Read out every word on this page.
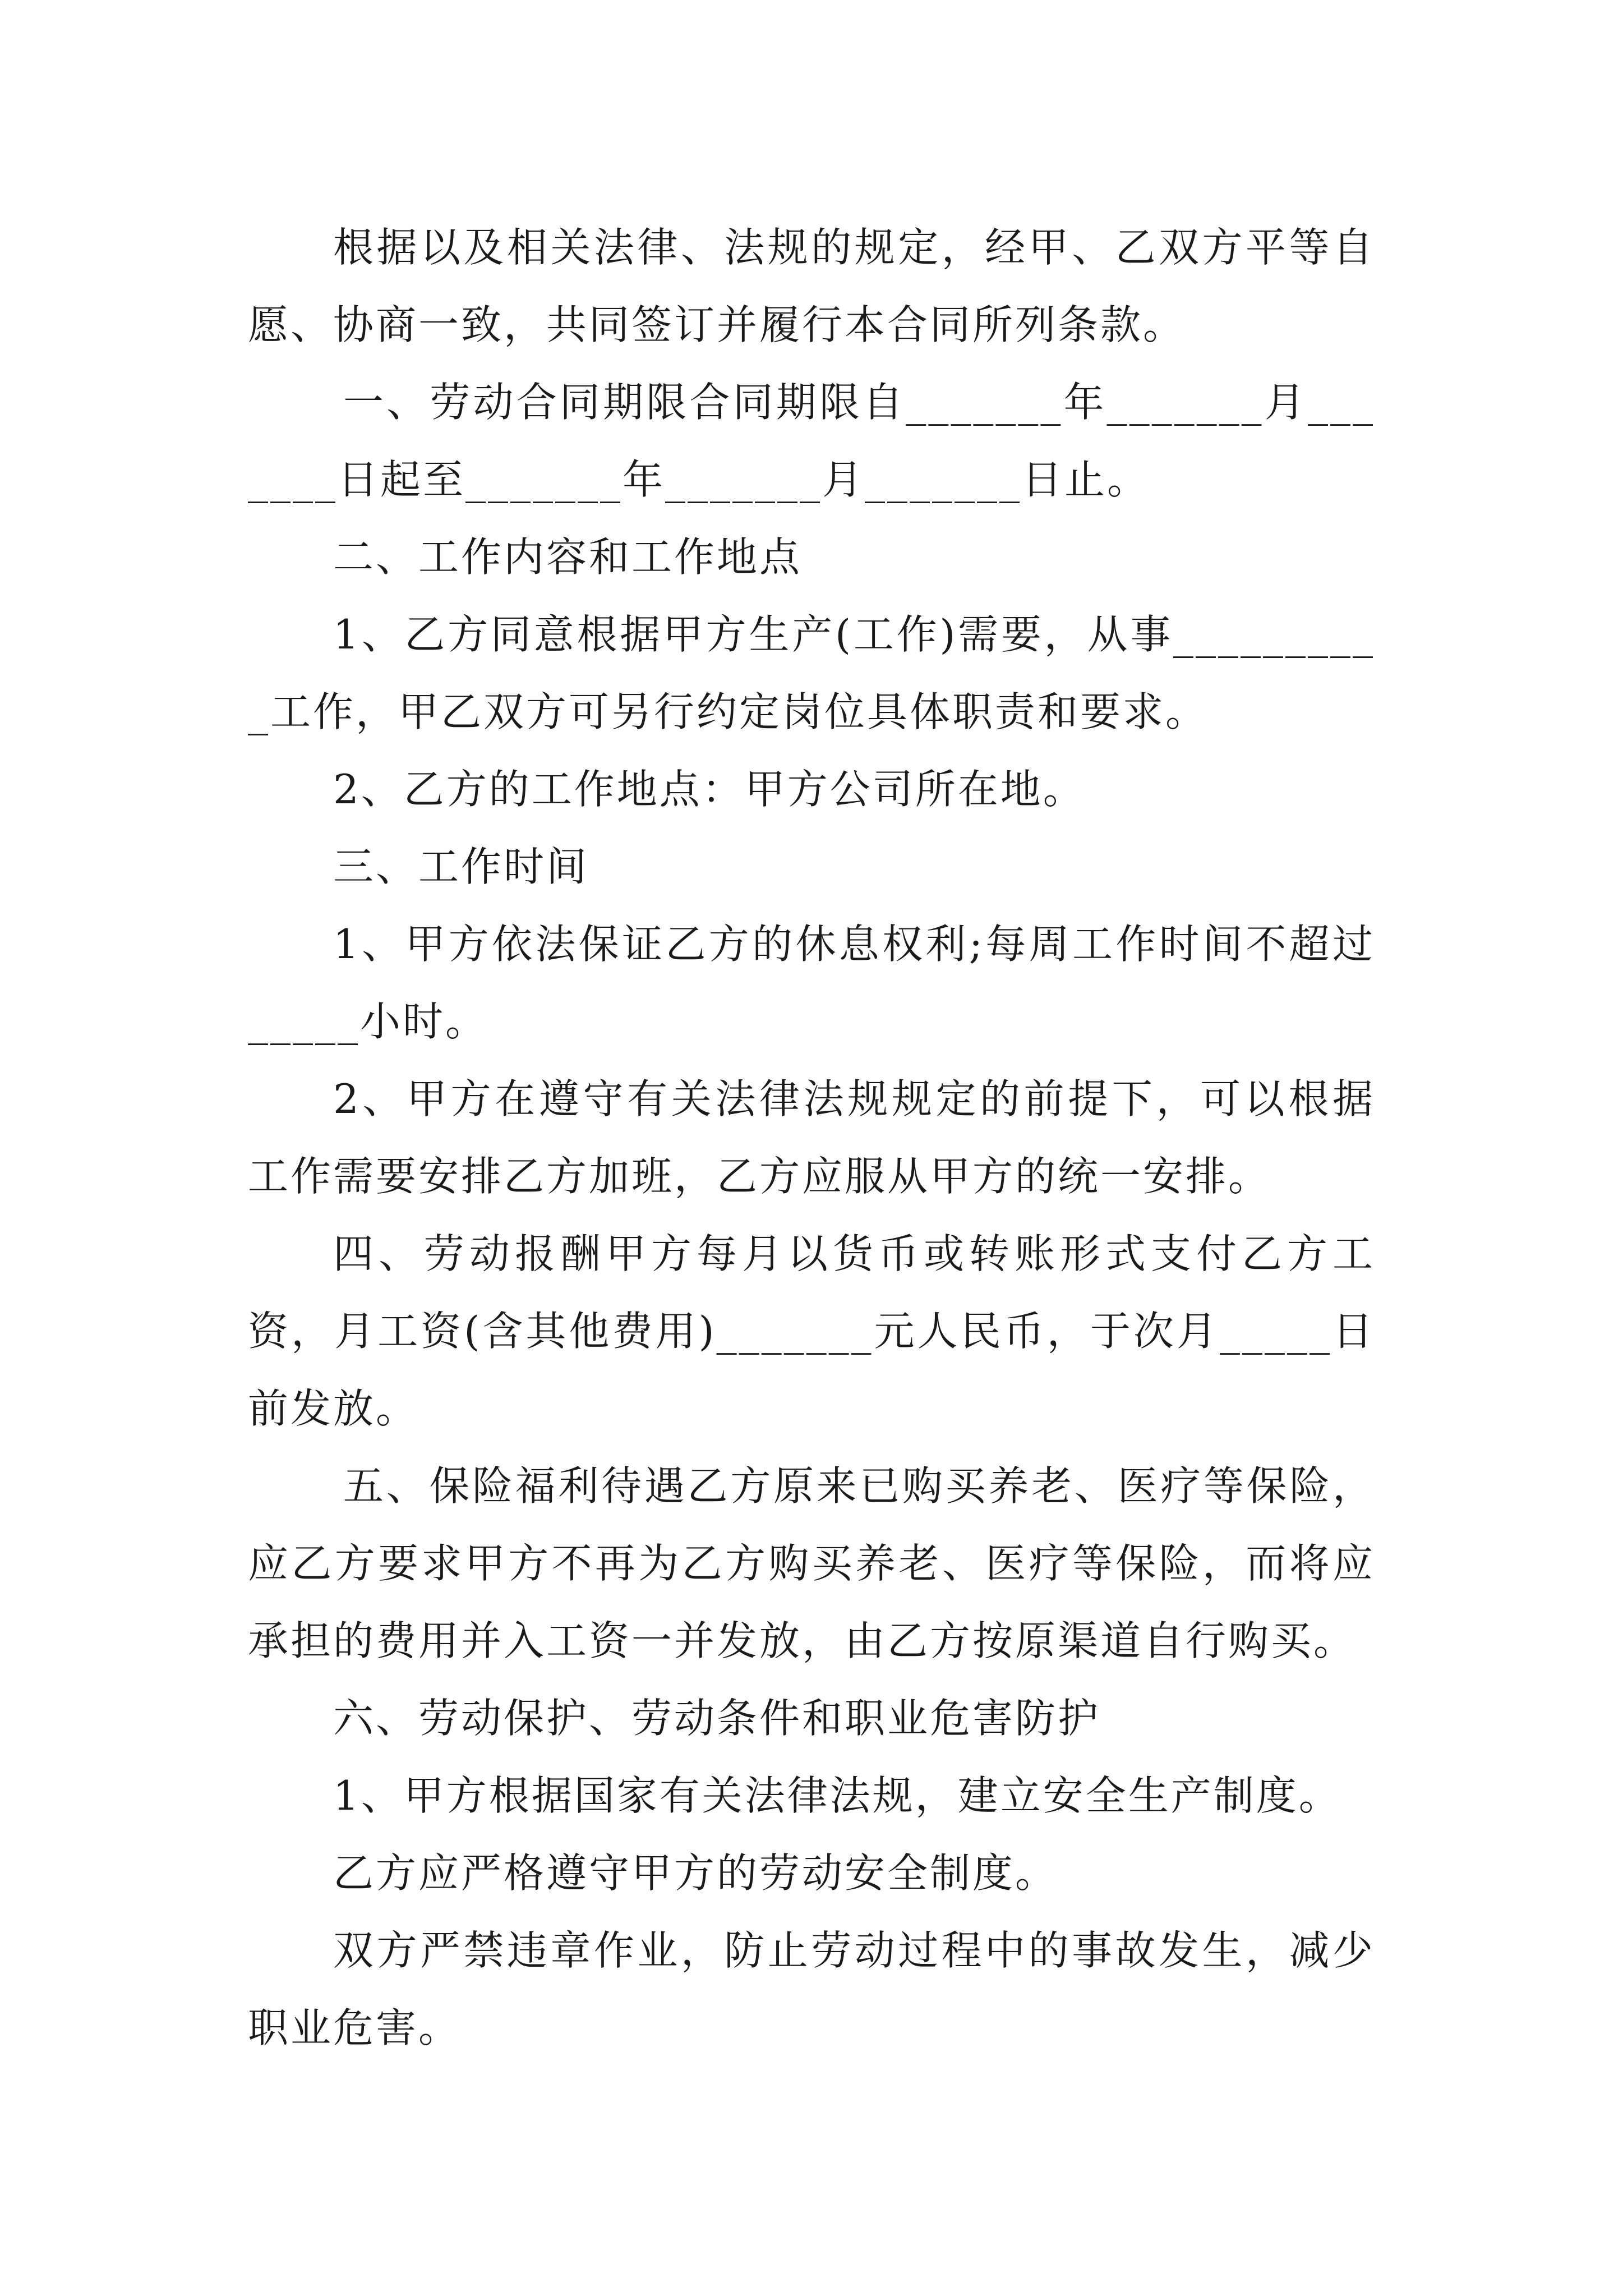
根据以及相关法律、法规的规定，经甲、乙双方平等自愿、协商一致，共同签订并履行本合同所列条款。

一、劳动合同期限合同期限自_______年_______月_______日起至_______年_______月_______日止。

二、工作内容和工作地点

1、乙方同意根据甲方生产(工作)需要，从事__________工作，甲乙双方可另行约定岗位具体职责和要求。

2、乙方的工作地点：甲方公司所在地。

三、工作时间

1、甲方依法保证乙方的休息权利;每周工作时间不超过_____小时。

2、甲方在遵守有关法律法规规定的前提下，可以根据工作需要安排乙方加班，乙方应服从甲方的统一安排。

四、劳动报酬甲方每月以货币或转账形式支付乙方工资，月工资(含其他费用)_______元人民币，于次月_____日前发放。

五、保险福利待遇乙方原来已购买养老、医疗等保险，应乙方要求甲方不再为乙方购买养老、医疗等保险，而将应承担的费用并入工资一并发放，由乙方按原渠道自行购买。

六、劳动保护、劳动条件和职业危害防护

1、甲方根据国家有关法律法规，建立安全生产制度。

乙方应严格遵守甲方的劳动安全制度。

双方严禁违章作业，防止劳动过程中的事故发生，减少职业危害。
